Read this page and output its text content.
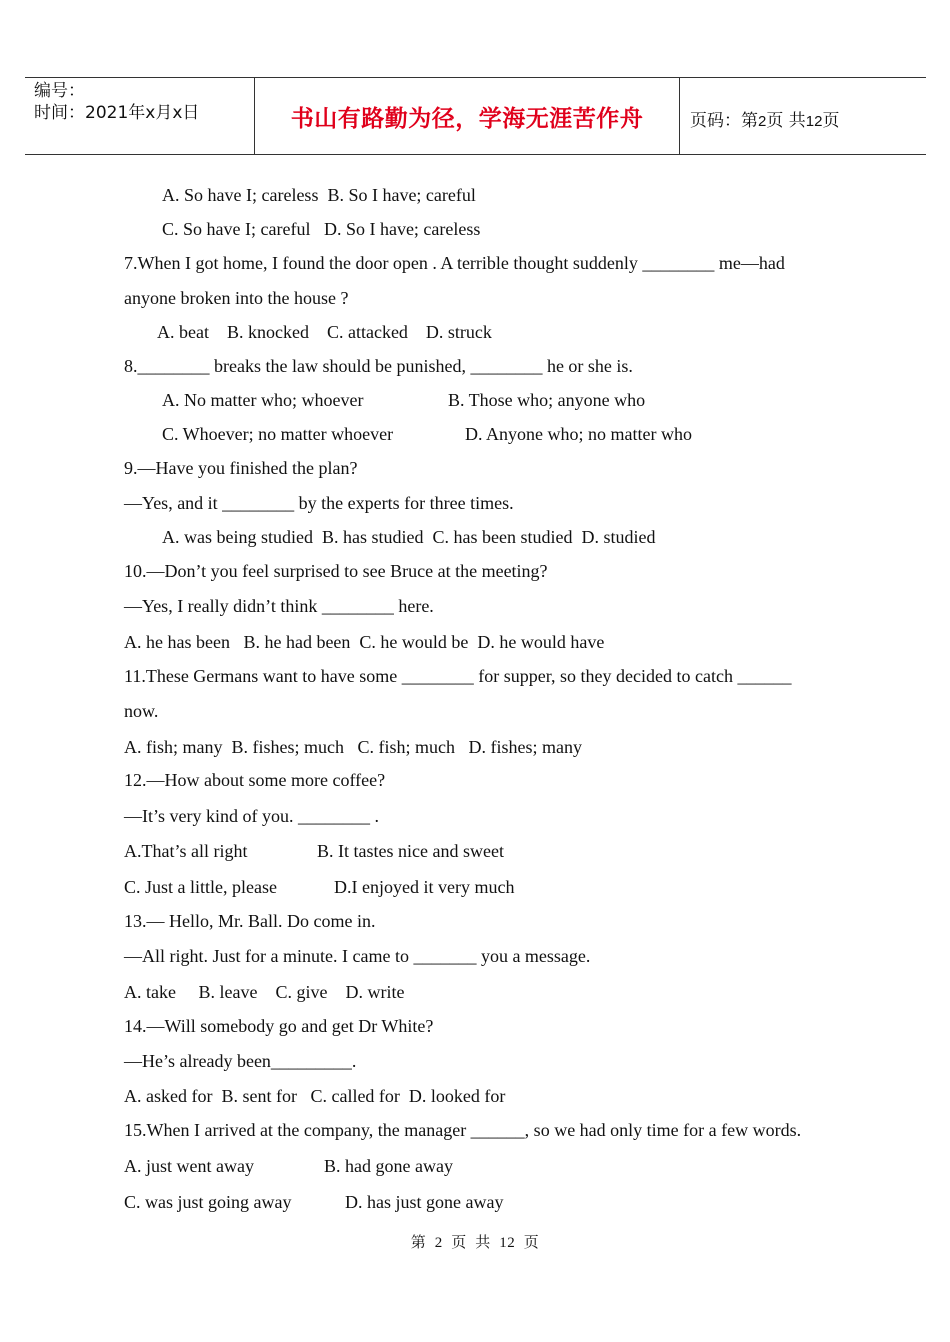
编号：
时间：2021年x月x日	书山有路勤为径，学海无涯苦作舟	页码：第2页 共12页
A. So have I; careless  B. So I have; careful
C. So have I; careful   D. So I have; careless
7.When I got home, I found the door open . A terrible thought suddenly ________ me—had
anyone broken into the house ?
A. beat    B. knocked    C. attacked    D. struck
8.________ breaks the law should be punished, ________ he or she is.
A. No matter who; whoever	B. Those who; anyone who
C. Whoever; no matter whoever	D. Anyone who; no matter who
9.—Have you finished the plan?
—Yes, and it ________ by the experts for three times.
A. was being studied  B. has studied  C. has been studied  D. studied
10.—Don’t you feel surprised to see Bruce at the meeting?
—Yes, I really didn’t think ________ here.
A. he has been   B. he had been  C. he would be  D. he would have
11.These Germans want to have some ________ for supper, so they decided to catch ______
now.
A. fish; many  B. fishes; much   C. fish; much   D. fishes; many
12.—How about some more coffee?
—It’s very kind of you. ________ .
A.That’s all right	B. It tastes nice and sweet
C. Just a little, please	D.I enjoyed it very much
13.— Hello, Mr. Ball. Do come in.
—All right. Just for a minute. I came to _______ you a message.
A. take     B. leave    C. give    D. write
14.—Will somebody go and get Dr White?
—He’s already been_________.
A. asked for  B. sent for   C. called for  D. looked for
15.When I arrived at the company, the manager ______, so we had only time for a few words.
A. just went away	B. had gone away
C. was just going away	D. has just gone away
第  2  页  共  12  页
